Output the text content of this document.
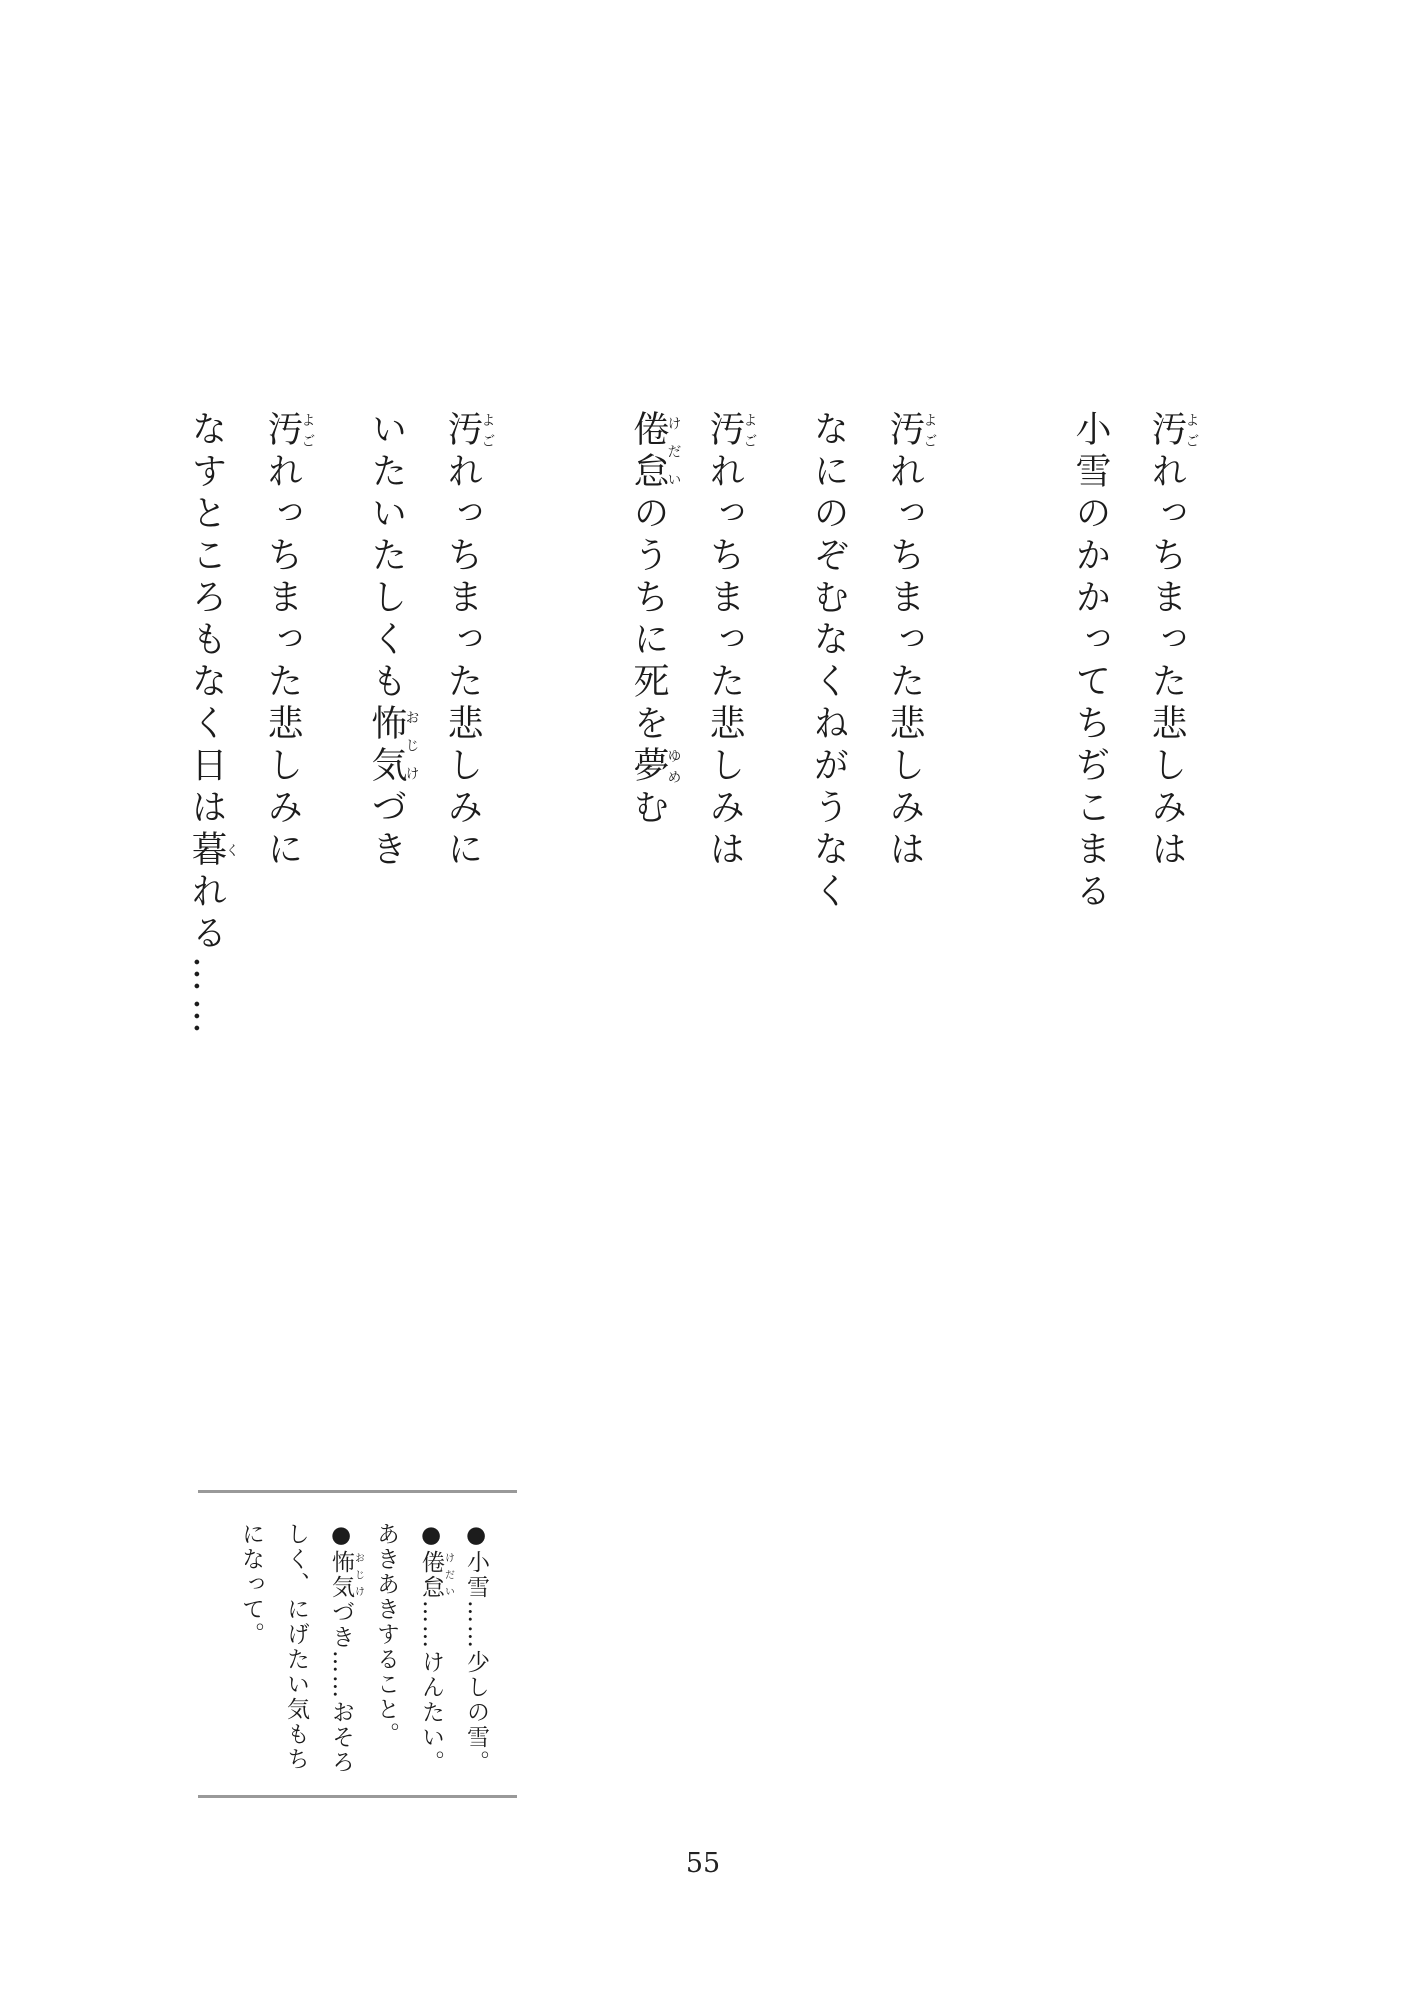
汚よごれっちまった悲しみは
小雪のかかってちぢこまる
汚よごれっちまった悲しみは
なにのぞむなくねがうなく
汚よごれっちまった悲しみは
倦怠けだいのうちに死を夢ゆめむ
汚よごれっちまった悲しみに
いたいたしくも怖気おじけづき
汚よごれっちまった悲しみに
なすところもなく日は暮くれる……
●小雪……少しの雪。
●倦怠けだい……けんたい。
あきあきすること。
●怖気おじけづき……おそろ
しく、にげたい気もち
になって。
55
